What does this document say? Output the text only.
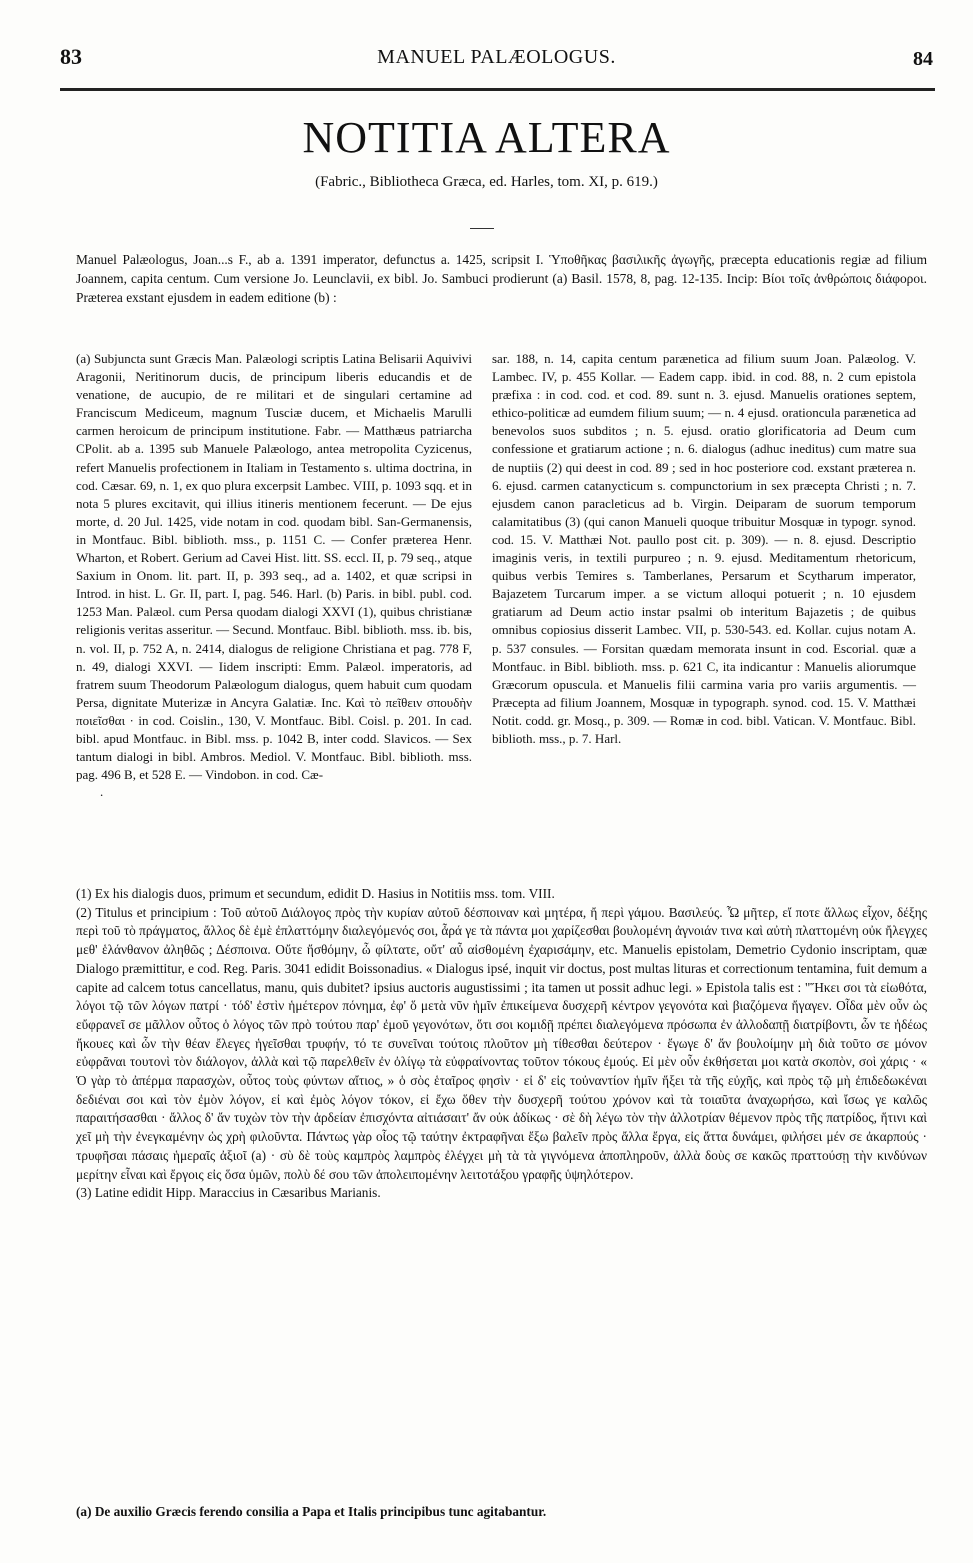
83	MANUEL PALÆOLOGUS.	84
NOTITIA ALTERA
(Fabric., Bibliotheca Græca, ed. Harles, tom. XI, p. 619.)
Manuel Palæologus, Joan...s F., ab a. 1391 imperator, defunctus a. 1425, scripsit I. Ὑποθῆκας βασιλικῆς ἀγωγῆς, præcepta educationis regiæ ad filium Joannem, capita centum. Cum versione Jo. Leunclavii, ex bibl. Jo. Sambuci prodierunt (a) Basil. 1578, 8, pag. 12-135. Incip: Βίοι τοῖς ἀνθρώποις διάφοροι. Præterea exstant ejusdem in eadem editione (b) :

(a) Subjuncta sunt Græcis Man. Palæologi scriptis Latina Belisarii Aquivivi Aragonii, Neritinorum ducis, de principum liberis educandis et de venatione, de aucupio, de re militari et de singulari certamine ad Franciscum Mediceum, magnum Tusciæ ducem, et Michaelis Marulli carmen heroicum de principum institutione. Fabr. — Matthæus patriarcha CPolit. ab a. 1395 sub Manuele Palæologo, antea metropolita Cyzicenus, refert Manuelis profectionem in Italiam in Testamento s. ultima doctrina, in cod. Cæsar. 69, n. 1, ex quo plura excerpsit Lambec. VIII, p. 1093 sqq. et in nota 5 plures excitavit, qui illius itineris mentionem fecerunt. — De ejus morte, d. 20 Jul. 1425, vide notam in cod. quodam bibl. San-Germanensis, in Montfauc. Bibl. biblioth. mss., p. 1151 C. — Confer præterea Henr. Wharton, et Robert. Gerium ad Cavei Hist. litt. SS. eccl. II, p. 79 seq., atque Saxium in Onom. lit. part. II, p. 393 seq., ad a. 1402, et quæ scripsi in Introd. in hist. L. Gr. II, part. I, pag. 546. Harl. (b) Paris. in bibl. publ. cod. 1253 Man. Palæol. cum Persa quodam dialogi XXVI (1), quibus christianæ religionis veritas asseritur. — Secund. Montfauc. Bibl. biblioth. mss. ib. bis, n. vol. II, p. 752 A, n. 2414, dialogus de religione Christiana et pag. 778 F, n. 49, dialogi XXVI. — Iidem inscripti: Emm. Palæol. imperatoris, ad fratrem suum Theodorum Palæologum dialogus, quem habuit cum quodam Persa, dignitate Muterizæ in Ancyra Galatiæ. Inc. Καὶ τὸ πεῖθειν σπουδὴν ποιεῖσθαι · in cod. Coislin., 130, V. Montfauc. Bibl. Coisl. p. 201. In cad. bibl. apud Montfauc. in Bibl. mss. p. 1042 B, inter codd. Slavicos. — Sex tantum dialogi in bibl. Ambros. Mediol. V. Montfauc. Bibl. biblioth. mss. pag. 496 B, et 528 E. — Vindobon. in cod. Cæ-

sar. 188, n. 14, capita centum parænetica ad filium suum Joan. Palæolog. V. Lambec. IV, p. 455 Kollar. — Eadem capp. ibid. in cod. 88, n. 2 cum epistola præfixa : in cod. cod. et cod. 89. sunt n. 3. ejusd. Manuelis orationes septem, ethico-politicæ ad eumdem filium suum; — n. 4 ejusd. orationcula parænetica ad benevolos suos subditos ; n. 5. ejusd. oratio glorificatoria ad Deum cum confessione et gratiarum actione ; n. 6. dialogus (adhuc ineditus) cum matre sua de nuptiis (2) qui deest in cod. 89 ; sed in hoc posteriore cod. exstant præterea n. 6. ejusd. carmen catanycticum s. compunctorium in sex præcepta Christi ; n. 7. ejusdem canon paracleticus ad b. Virgin. Deiparam de suorum temporum calamitatibus (3) (qui canon Manueli quoque tribuitur Mosquæ in typogr. synod. cod. 15. V. Matthæi Not. paullo post cit. p. 309). — n. 8. ejusd. Descriptio imaginis veris, in textili purpureo ; n. 9. ejusd. Meditamentum rhetoricum, quibus verbis Temires s. Tamberlanes, Persarum et Scytharum imperator, Bajazetem Turcarum imper. a se victum alloqui potuerit ; n. 10 ejusdem gratiarum ad Deum actio instar psalmi ob interitum Bajazetis ; de quibus omnibus copiosius disserit Lambec. VII, p. 530-543. ed. Kollar. cujus notam A. p. 537 consules. — Forsitan quædam memorata insunt in cod. Escorial. quæ a Montfauc. in Bibl. biblioth. mss. p. 621 C, ita indicantur : Manuelis aliorumque Græcorum opuscula. et Manuelis filii carmina varia pro variis argumentis. — Præcepta ad filium Joannem, Mosquæ in typograph. synod. cod. 15. V. Matthæi Notit. codd. gr. Mosq., p. 309. — Romæ in cod. bibl. Vatican. V. Montfauc. Bibl. biblioth. mss., p. 7. Harl.

(1) Ex his dialogis duos, primum et secundum, edidit D. Hasius in Notitiis mss. tom. VIII.

(2) Titulus et principium : Τοῦ αὐτοῦ Διάλογος πρὸς τὴν κυρίαν αὐτοῦ δέσποιναν καὶ μητέρα, ἤ περὶ γάμου. Βασιλεύς. Ὦ μῆτερ, εἴ ποτε ἄλλως εἶχον, δέξης περὶ τοῦ τὸ πράγματος, ἄλλος δὲ ἐμὲ ἐπλαττόμην διαλεγόμενός σοι, ἆρά γε τὰ πάντα μοι χαρίζεσθαι βουλομένη ἀγνοιάν τινα καὶ αὐτὴ πλαττομένη οὐκ ἤλεγχες μεθ' ἑλάνθανον ἀληθῶς ; Δέσποινα. Οὔτε ἤσθόμην, ὦ φίλτατε, οὔτ' αὖ αἰσθομένη ἐχαρισάμην, etc. Manuelis epistolam, Demetrio Cydonio inscriptam, quæ Dialogo præmittitur, e cod. Reg. Paris. 3041 edidit Boissonadius. « Dialogus ipsé, inquit vir doctus, post multas lituras et correctionum tentamina, fuit demum a capite ad calcem totus cancellatus, manu, quis dubitet? ipsius auctoris augustissimi ; ita tamen ut possit adhuc legi. » Epistola talis est : "Ἥκει σοι τὰ εἰωθότα, λόγοι τῷ τῶν λόγων πατρί · τόδ' ἐστὶν ἡμέτερον πόνημα, ἐφ' ὅ μετὰ νῦν ἡμῖν ἐπικείμενα δυσχερῆ κέντρον γεγονότα καὶ βιαζόμενα ἤγαγεν. Οἶδα μὲν οὖν ὡς εὔφρανεῖ σε μᾶλλον οὗτος ὁ λόγος τῶν πρὸ τούτου παρ' ἐμοῦ γεγονότων, ὅτι σοι κομιδῇ πρέπει διαλεγόμενα πρόσωπα ἐν ἀλλοδαπῇ διατρίβοντι, ὧν τε ἡδέως ἤκουες καὶ ὧν τὴν θέαν ἔλεγες ἡγεῖσθαι τρυφήν, τό τε συνεῖναι τούτοις πλοῦτον μὴ τίθεσθαι δεύτερον · ἔγωγε δ' ἄν βουλοίμην μὴ διὰ τοῦτο σε μόνον εὐφρᾶναι τουτονὶ τὸν διάλογον, ἀλλὰ καὶ τῷ παρελθεῖν ἐν ὀλίγῳ τὰ εὐφραίνοντας τοῦτον τόκους ἐμούς. Εἰ μὲν οὖν ἐκθήσεται μοι κατὰ σκοπὸν, σοὶ χάρις · « Ὁ γὰρ τὸ ἀπέρμα παρασχὼν, οὗτος τοὺς φύντων αἴτιος, » ὁ σὸς ἑταῖρος φησὶν · εἰ δ' εἰς τοὐναντίον ἡμῖν ἥξει τὰ τῆς εὐχῆς, καὶ πρὸς τῷ μὴ ἐπιδεδωκέναι δεδιέναι σοι καὶ τὸν ἐμὸν λόγον, εἰ καὶ ἐμὸς λόγον τόκον, εἰ ἔχω ὅθεν τὴν δυσχερῆ τούτου χρόνον καὶ τὰ τοιαῦτα ἀναχωρήσω, καὶ ἴσως γε καλῶς παραιτήσασθαι · ἄλλος δ' ἄν τυχὼν τὸν τὴν ἀρδείαν ἐπισχόντα αἰτιάσαιτ' ἄν οὐκ ἀδίκως · σὲ δὴ λέγω τὸν τὴν ἀλλοτρίαν θέμενον πρὸς τῆς πατρίδος, ἥτινι καὶ χεῖ μὴ τὴν ἐνεγκαμένην ὡς χρὴ φιλοῦντα. Πάντως γὰρ οἷος τῷ ταύτην ἐκτραφῆναι ἔξω βαλεῖν πρὸς ἄλλα ἔργα, εἰς ἅττα δυνάμει, φιλήσει μέν σε ἀκαρπούς · τρυφῆσαι πάσαις ἡμεραῖς ἀξιοῖ (a) · σὺ δὲ τοὺς καμπρὸς λαμπρὸς ἐλέγχει μὴ τὰ τὰ γιγνόμενα ἀποπληροῦν, ἀλλὰ δοὺς σε κακῶς πραττούσῃ τὴν κινδύνων μερίτην εἶναι καὶ ἔργοις εἰς ὅσα ὑμῶν, πολὺ δέ σου τῶν ἀπολειπομένην λειτοτάξου γραφῆς ὑψηλότερον.

(3) Latine edidit Hipp. Maraccius in Cæsaribus Marianis.

(a) De auxilio Græcis ferendo consilia a Papa et Italis principibus tunc agitabantur.
.
